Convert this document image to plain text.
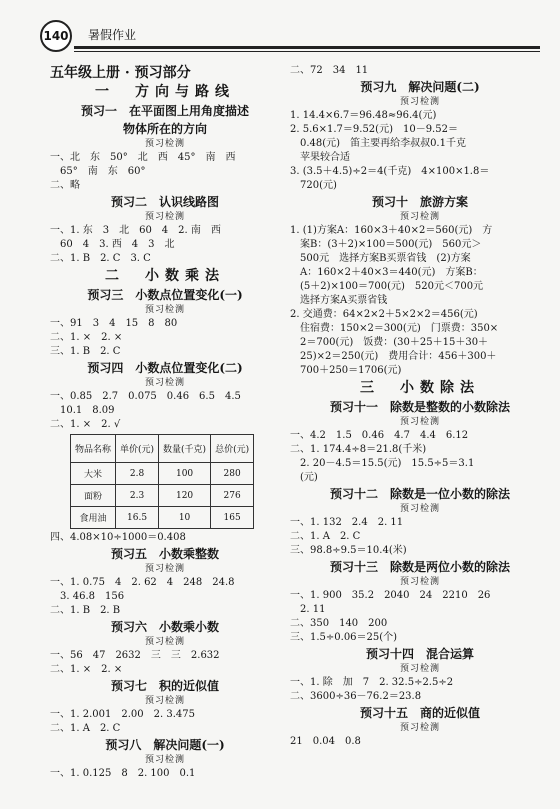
140 暑假作业
五年级上册 · 预习部分
一　方向与路线
预习一　在平面图上用角度描述
物体所在的方向
预习检测
一、北　东　50°　北　西　45°　南　西
　65°　南　东　60°
二、略
预习二　认识线路图
预习检测
一、1. 东　3　北　60　4　2. 南　西
　60　4　3. 西　4　3　北
二、1. B　2. C　3. C
二　小数乘法
预习三　小数点位置变化(一)
预习检测
一、91　3　4　15　8　80
二、1. ×　2. ×
三、1. B　2. C
预习四　小数点位置变化(二)
预习检测
一、0.85　2.7　0.075　0.46　6.5　4.5
　10.1　8.09
二、1. ×　2. √
物品名称	单价(元)	数量(千克)	总价(元)
大米	2.8	100	280
面粉	2.3	120	276
食用油	16.5	10	165
四、4.08×10÷1000＝0.408
预习五　小数乘整数
预习检测
一、1. 0.75　4　2. 62　4　248　24.8
　3. 46.8　156
二、1. B　2. B
预习六　小数乘小数
预习检测
一、56　47　2632　三　三　2.632
二、1. ×　2. ×
预习七　积的近似值
预习检测
一、1. 2.001　2.00　2. 3.475
二、1. A　2. C
预习八　解决问题(一)
预习检测
一、1. 0.125　8　2. 100　0.1
二、72　34　11
预习九　解决问题(二)
预习检测
1. 14.4×6.7＝96.48≈96.4(元)
2. 5.6×1.7＝9.52(元)　10－9.52＝
　0.48(元)　笛主要再给李叔叔0.1千克
　苹果较合适
3. (3.5＋4.5)÷2＝4(千克)　4×100×1.8＝
　720(元)
预习十　旅游方案
预习检测
1. (1)方案A：160×3＋40×2＝560(元)　方
　案B：(3＋2)×100＝500(元)　560元＞
　500元　选择方案B买票省钱　(2)方案
　A：160×2＋40×3＝440(元)　方案B：
　(5＋2)×100＝700(元)　520元＜700元
　选择方案A买票省钱
2. 交通费：64×2×2＋5×2×2＝456(元)
　住宿费：150×2＝300(元)　门票费：350×
　2＝700(元)　饭费：(30＋25＋15＋30＋
　25)×2＝250(元)　费用合计：456＋300＋
　700＋250＝1706(元)
三　小数除法
预习十一　除数是整数的小数除法
预习检测
一、4.2　1.5　0.46　4.7　4.4　6.12
二、1. 174.4÷8＝21.8(千米)
　2. 20－4.5＝15.5(元)　15.5÷5＝3.1
　(元)
预习十二　除数是一位小数的除法
预习检测
一、1. 132　2.4　2. 11
二、1. A　2. C
三、98.8÷9.5＝10.4(米)
预习十三　除数是两位小数的除法
预习检测
一、1. 900　35.2　2040　24　2210　26
　2. 11
二、350　140　200
三、1.5÷0.06＝25(个)
预习十四　混合运算
预习检测
一、1. 除　加　7　2. 32.5÷2.5÷2
二、3600÷36－76.2＝23.8
预习十五　商的近似值
预习检测
21　0.04　0.8
